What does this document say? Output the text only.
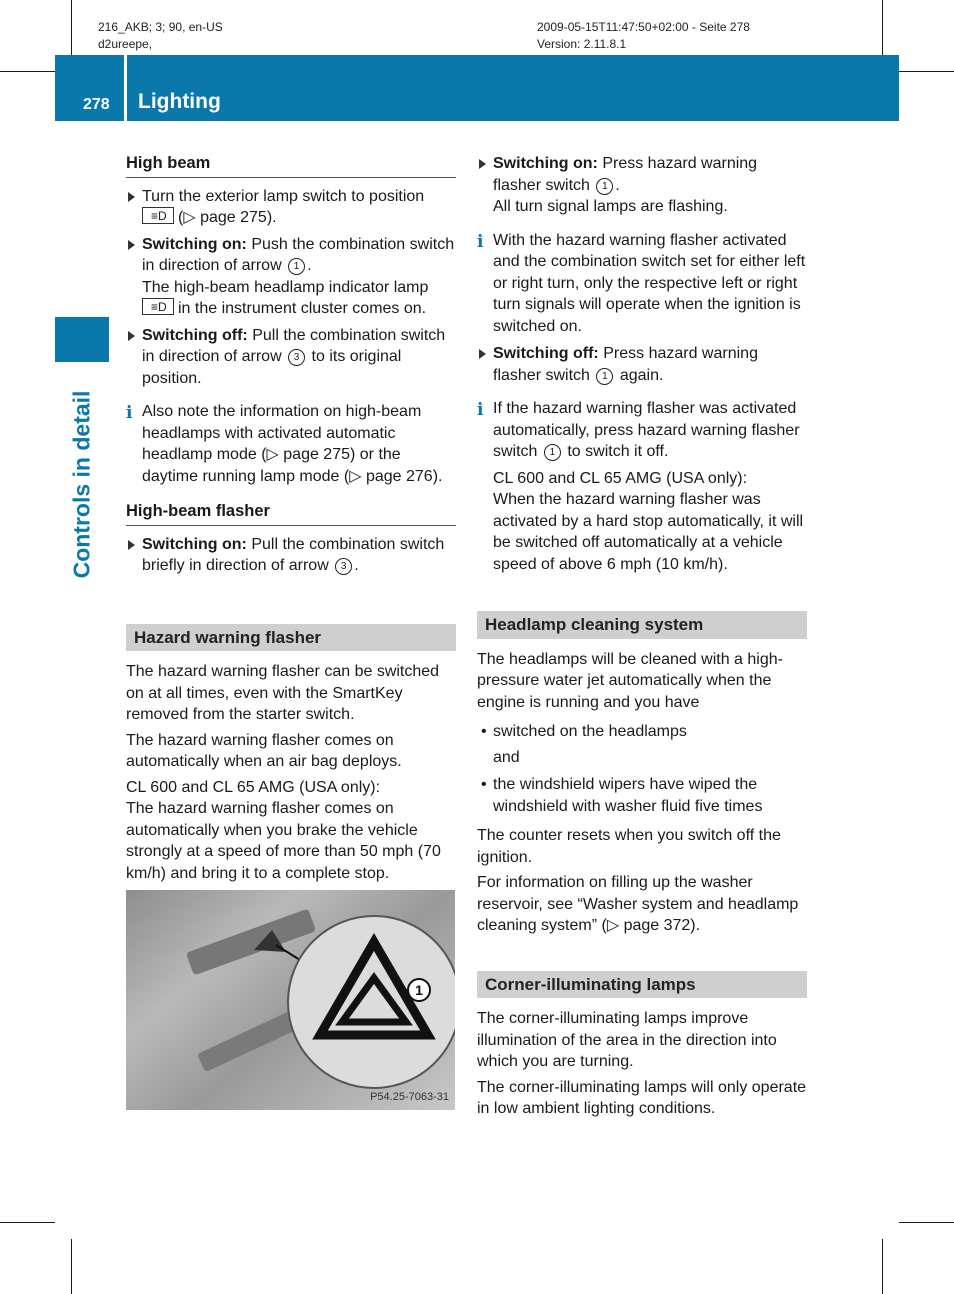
216_AKB; 3; 90, en-US
d2ureepe,
2009-05-15T11:47:50+02:00 - Seite 278
Version: 2.11.8.1
278 Lighting
Controls in detail
High beam
Turn the exterior lamp switch to position
≡D(▷ page 275).
Switching on: Push the combination switch in direction of arrow 1 .
The high-beam headlamp indicator lamp
≡Din the instrument cluster comes on.
Switching off: Pull the combination switch in direction of arrow 3 to its original position.
i Also note the information on high-beam headlamps with activated automatic headlamp mode (▷ page 275) or the daytime running lamp mode (▷ page 276).
High-beam flasher
Switching on: Pull the combination switch briefly in direction of arrow 3 .
Hazard warning flasher
The hazard warning flasher can be switched on at all times, even with the SmartKey removed from the starter switch.
The hazard warning flasher comes on automatically when an air bag deploys.
CL 600 and CL 65 AMG (USA only):
The hazard warning flasher comes on automatically when you brake the vehicle strongly at a speed of more than 50 mph (70 km/h) and bring it to a complete stop.
1
P54.25-7063-31
Switching on: Press hazard warning flasher switch 1 .
All turn signal lamps are flashing.
i With the hazard warning flasher activated and the combination switch set for either left or right turn, only the respective left or right turn signals will operate when the ignition is switched on.
Switching off: Press hazard warning flasher switch 1 again.
i If the hazard warning flasher was activated automatically, press hazard warning flasher switch 1 to switch it off.
CL 600 and CL 65 AMG (USA only):
When the hazard warning flasher was activated by a hard stop automatically, it will be switched off automatically at a vehicle speed of above 6 mph (10 km/h).
Headlamp cleaning system
The headlamps will be cleaned with a high-pressure water jet automatically when the engine is running and you have
• switched on the headlamps
and
• the windshield wipers have wiped the windshield with washer fluid five times
The counter resets when you switch off the ignition.
For information on filling up the washer reservoir, see “Washer system and headlamp cleaning system” (▷ page 372).
Corner-illuminating lamps
The corner-illuminating lamps improve illumination of the area in the direction into which you are turning.
The corner-illuminating lamps will only operate in low ambient lighting conditions.
